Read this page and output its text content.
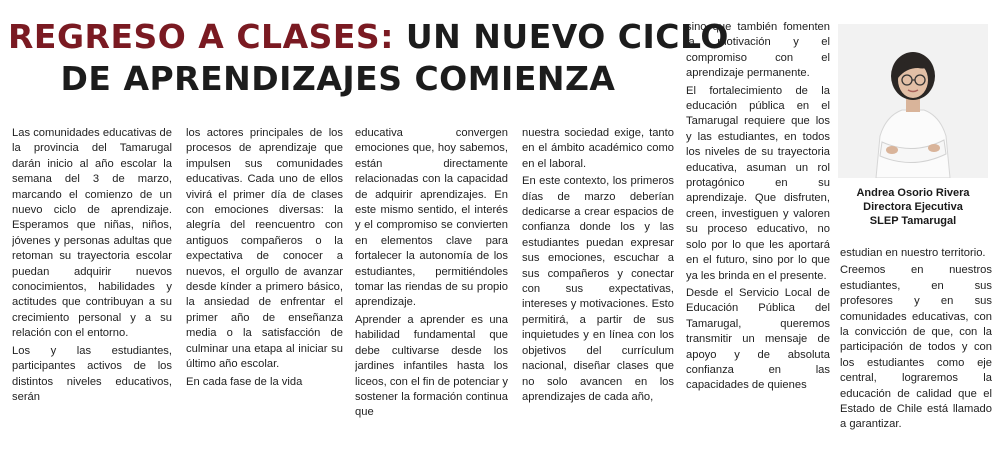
REGRESO A CLASES: UN NUEVO CICLO
DE APRENDIZAJES COMIENZA

Las comunidades educativas de la provincia del Tamarugal darán inicio al año escolar la semana del 3 de marzo, marcando el comienzo de un nuevo ciclo de aprendizaje. Esperamos que niñas, niños, jóvenes y personas adultas que retoman su trayectoria escolar puedan adquirir nuevos conocimientos, habilidades y actitudes que contribuyan a su crecimiento personal y a su relación con el entorno.

Los y las estudiantes, participantes activos de los distintos niveles educativos, serán

los actores principales de los procesos de aprendizaje que impulsen sus comunidades educativas. Cada uno de ellos vivirá el primer día de clases con emociones diversas: la alegría del reencuentro con antiguos compañeros o la expectativa de conocer a nuevos, el orgullo de avanzar desde kínder a primero básico, la ansiedad de enfrentar el primer año de enseñanza media o la satisfacción de culminar una etapa al iniciar su último año escolar.

En cada fase de la vida

educativa convergen emociones que, hoy sabemos, están directamente relacionadas con la capacidad de adquirir aprendizajes. En este mismo sentido, el interés y el compromiso se convierten en elementos clave para fortalecer la autonomía de los estudiantes, permitiéndoles tomar las riendas de su propio aprendizaje.

Aprender a aprender es una habilidad fundamental que debe cultivarse desde los jardines infantiles hasta los liceos, con el fin de potenciar y sostener la formación continua que

nuestra sociedad exige, tanto en el ámbito académico como en el laboral.

En este contexto, los primeros días de marzo deberían dedicarse a crear espacios de confianza donde los y las estudiantes puedan expresar sus emociones, escuchar a sus compañeros y conectar con sus expectativas, intereses y motivaciones. Esto permitirá, a partir de sus inquietudes y en línea con los objetivos del currículum nacional, diseñar clases que no solo avancen en los aprendizajes de cada año,

sino que también fomenten la motivación y el compromiso con el aprendizaje permanente.

El fortalecimiento de la educación pública en el Tamarugal requiere que los y las estudiantes, en todos los niveles de su trayectoria educativa, asuman un rol protagónico en su aprendizaje. Que disfruten, creen, investiguen y valoren su proceso educativo, no solo por lo que les aportará en el futuro, sino por lo que ya les brinda en el presente.

Desde el Servicio Local de Educación Pública del Tamarugal, queremos transmitir un mensaje de apoyo y de absoluta confianza en las capacidades de quienes

Andrea Osorio Rivera
Directora Ejecutiva
SLEP Tamarugal

estudian en nuestro territorio.

Creemos en nuestros estudiantes, en sus profesores y en sus comunidades educativas, con la convicción de que, con la participación de todos y con los estudiantes como eje central, lograremos la educación de calidad que el Estado de Chile está llamado a garantizar.
